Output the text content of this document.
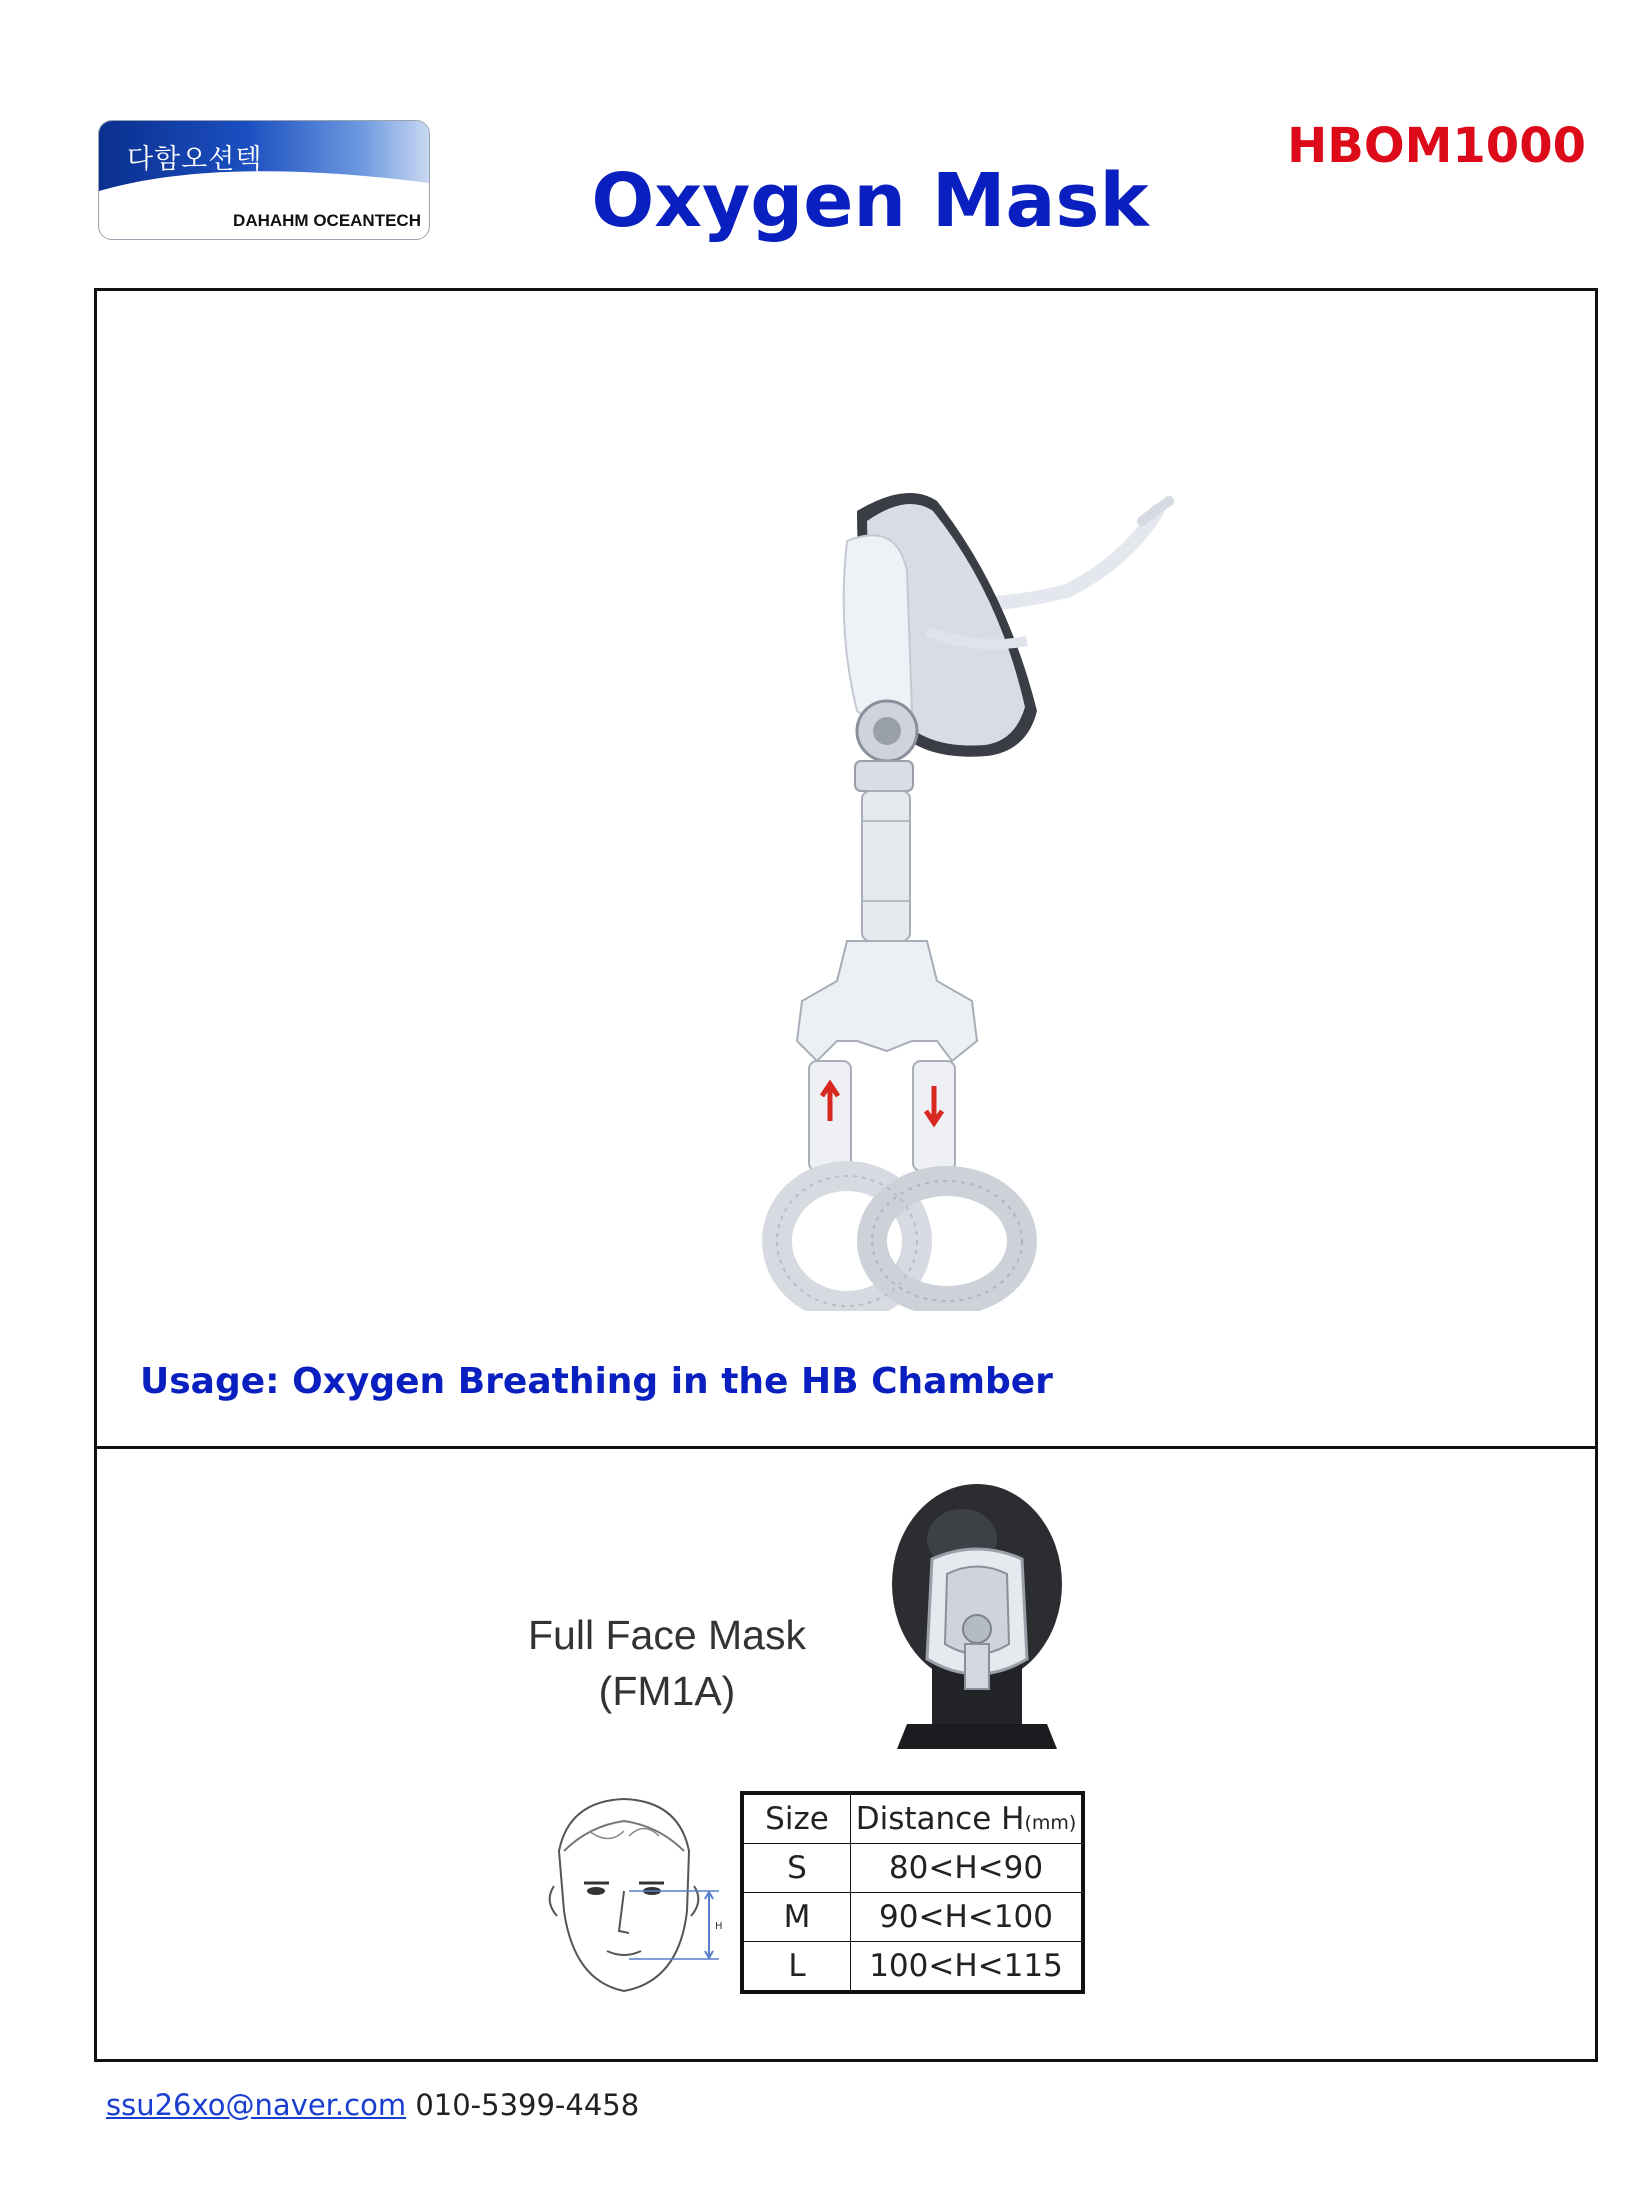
다함오션텍
DAHAHM OCEANTECH	Oxygen Mask
HBOM1000
Usage: Oxygen Breathing in the HB Chamber
Full Face Mask
(FM1A)
H
Size	Distance H(mm)
S	80<H<90
M	90<H<100
L	100<H<115
ssu26xo@naver.com 010-5399-4458
